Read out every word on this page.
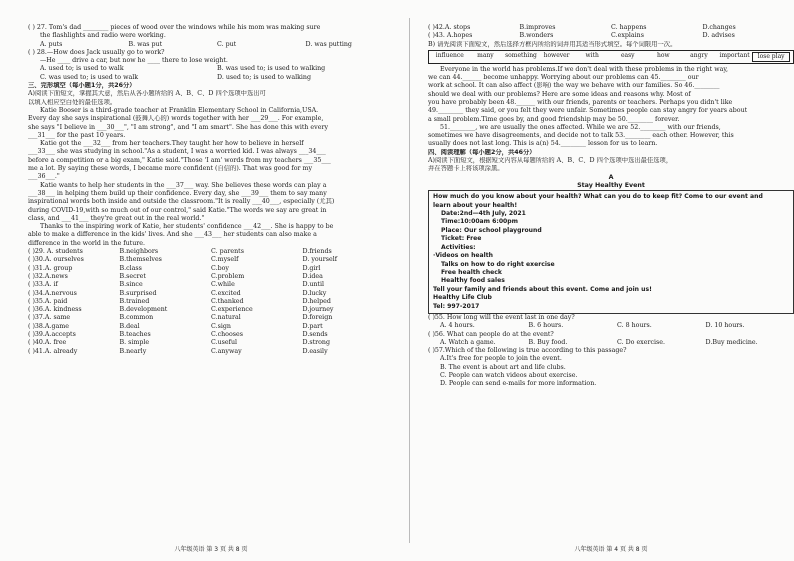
( ) 27. Tom's dad ________ pieces of wood over the windows while his mom was making sure
the flashlights and radio were working.
A. puts	B. was put	C. put	D. was putting
( ) 28.—How does Jack usually go to work?
—He ____ drive a car, but now he ____ there to lose weight.
A. used to; is used to walk	B. was used to; is used to walking
C. was used to; is used to walk	D. used to; is used to walking
三、完形填空（每小题1分，共26分）
A)阅读下面短文，掌握其大意，然后从各小题所给的 A、B、C、D 四个选项中选出可
以填入相应空白处的最佳选项。
Katie Booser is a third-grade teacher at Franklin Elementary School in California,USA.
Every day she says inspirational (鼓舞人心的) words together with her ___29___. For example,
she says "I believe in ___30___", "I am strong", and "I am smart". She has done this with every
___31___ for the past 10 years.
Katie got the ___32___ from her teachers.They taught her how to believe in herself
___33___ she was studying in school."As a student, I was a worried kid. I was always ___34___
before a competition or a big exam," Katie said."Those 'I am' words from my teachers ___35___
me a lot. By saying these words, I became more confident (自信的). That was good for my
___36___."
Katie wants to help her students in the ___37___ way. She believes these words can play a
___38___ in helping them build up their confidence. Every day, she ___39___ them to say many
inspirational words both inside and outside the classroom."It is really ___40___, especially (尤其)
during COVID-19,with so much out of our control," said Katie."The words we say are great in
class, and ___41___ they're great out in the real world."
Thanks to the inspiring work of Katie, her students' confidence ___42___. She is happy to be
able to make a difference in the kids' lives. And she ___43___ her students can also make a
difference in the world in the future.
( )29. A. students	B.neighbors	C. parents	D.friends
( )30.A. ourselves	B.themselves	C.myself	D. yourself
( )31.A. group	B.class	C.boy	D.girl
( )32.A.news	B.secret	C.problem	D.idea
( )33.A. if	B.since	C.while	D.until
( )34.A.nervous	B.surprised	C.excited	D.lucky
( )35.A. paid	B.trained	C.thanked	D.helped
( )36.A. kindness	B.development	C.experience	D.journey
( )37.A. same	B.common	C.natural	D.foreign
( )38.A.game	B.deal	C.sign	D.part
( )39.A.accepts	B.teaches	C.chooses	D.sends
( )40.A. free	B. simple	C.useful	D.strong
( )41.A. already	B.nearly	C.anyway	D.easily
八年级英语 第 3 页 共 8 页
( )42.A. stops	B.improves	C. happens	D.changes
( )43. A.hopes	B.wonders	C.explains	D. advises
B) 请先阅读下面短文，然后选择方框内所给的词并用其适当形式填空。每个词限用一次。
influence	many	something	however	with	easy	how	angry	important	lose play
Everyone in the world has problems.If we don't deal with these problems in the right way,
we can 44.______ become unhappy. Worrying about our problems can 45.________ our
work at school. It can also affect (影响) the way we behave with our families. So 46.________
should we deal with our problems? Here are some ideas and reasons why. Most of
you have probably been 48.______ with our friends, parents or teachers. Perhaps you didn't like
49.________ they said, or you felt they were unfair. Sometimes people can stay angry for years about
a small problem.Time goes by, and good friendship may be 50.________ forever.
51.________, we are usually the ones affected. While we are 52.________ with our friends,
sometimes we have disagreements, and decide not to talk 53.________ each other. However, this
usually does not last long. This is a(n) 54.________ lesson for us to learn.
四、阅读理解（每小题2分，共46分）
A)阅读下面短文，根据短文内容从每题所给的 A、B、C、D 四个选项中选出最佳选项，
并在答题卡上将该项涂黑。
A
Stay Healthy Event
How much do you know about your health? What can you do to keep fit? Come to our event and
learn about your health!
Date:2nd—4th July, 2021
Time:10:00am 6:00pm
Place: Our school playground
Ticket: Free
Activities:
·Videos on health
Talks on how to do right exercise
Free health check
Healthy food sales
Tell your family and friends about this event. Come and join us!
Healthy Life Club
Tel: 997-2017
( )55. How long will the event last in one day?
A. 4 hours.	B. 6 hours.	C. 8 hours.	D. 10 hours.
( )56. What can people do at the event?
A. Watch a game.	B. Buy food.	C. Do exercise.	D.Buy medicine.
( )57.Which of the following is true according to this passage?
A.It's free for people to join the event.
B. The event is about art and life clubs.
C. People can watch videos about exercise.
D. People can send e-mails for more information.
八年级英语 第 4 页 共 8 页
